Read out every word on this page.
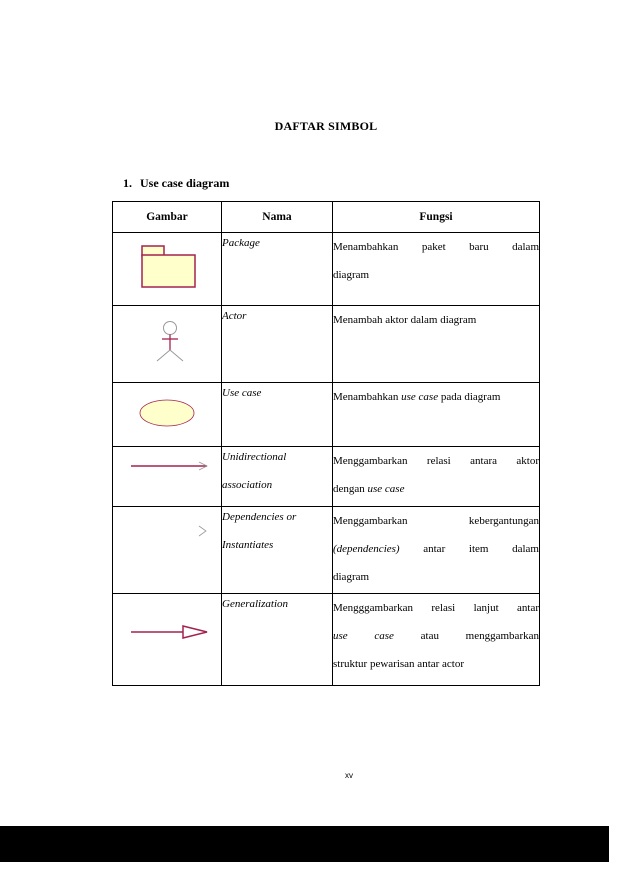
DAFTAR SIMBOL
1. Use case diagram
Gambar	Nama	Fungsi

Package	Menambahkan paket baru dalam
diagram

Actor	Menambah aktor dalam diagram

Use case	Menambahkan use case pada diagram

Unidirectional
association	Menggambarkan relasi antara aktor
dengan use case

Dependencies or
Instantiates	Menggambarkan kebergantungan
(dependencies) antar item dalam
diagram

Generalization	Mengggambarkan relasi lanjut antar
use case atau menggambarkan
struktur pewarisan antar actor
xv
